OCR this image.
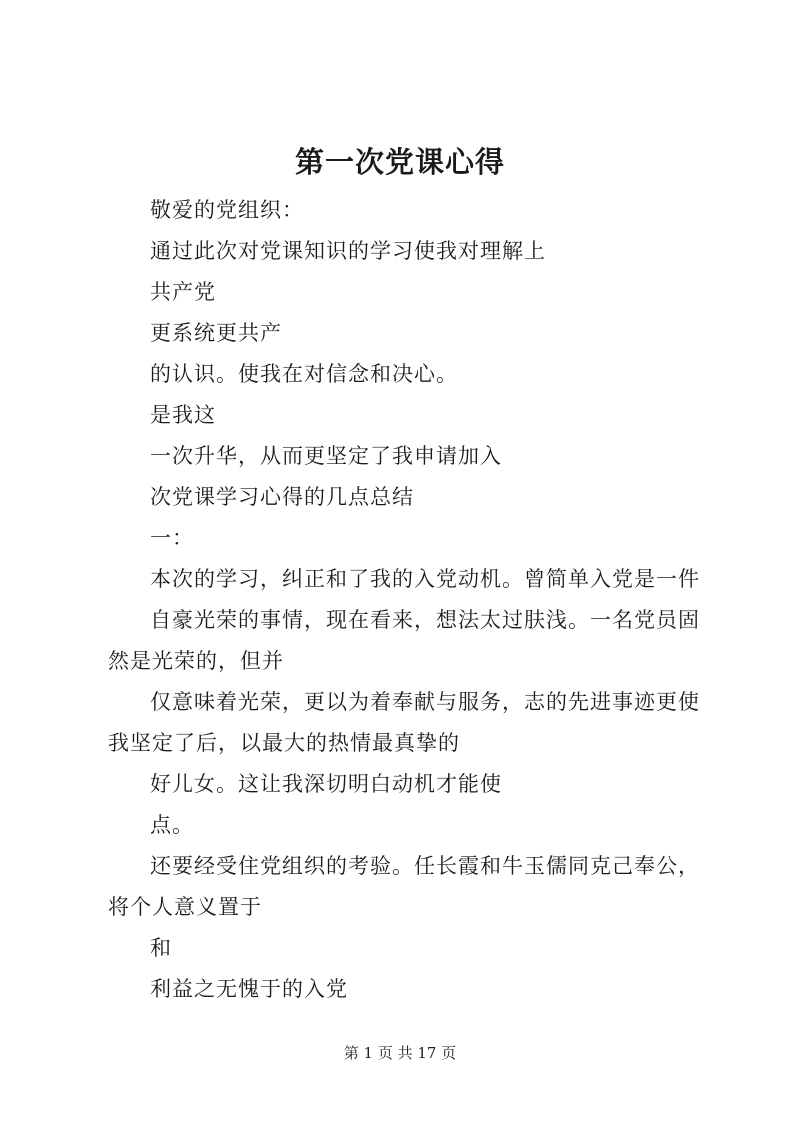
第一次党课心得

敬爱的党组织：

通过此次对党课知识的学习使我对理解上

共产党

更系统更共产

的认识。使我在对信念和决心。

是我这

一次升华，从而更坚定了我申请加入

次党课学习心得的几点总结

一：

本次的学习，纠正和了我的入党动机。曾简单入党是一件

自豪光荣的事情，现在看来，想法太过肤浅。一名党员固然是光荣的，但并

仅意味着光荣，更以为着奉献与服务，志的先进事迹更使我坚定了后，以最大的热情最真挚的

好儿女。这让我深切明白动机才能使

点。

还要经受住党组织的考验。任长霞和牛玉儒同克己奉公，将个人意义置于

和

利益之无愧于的入党

第 1 页 共 17 页
